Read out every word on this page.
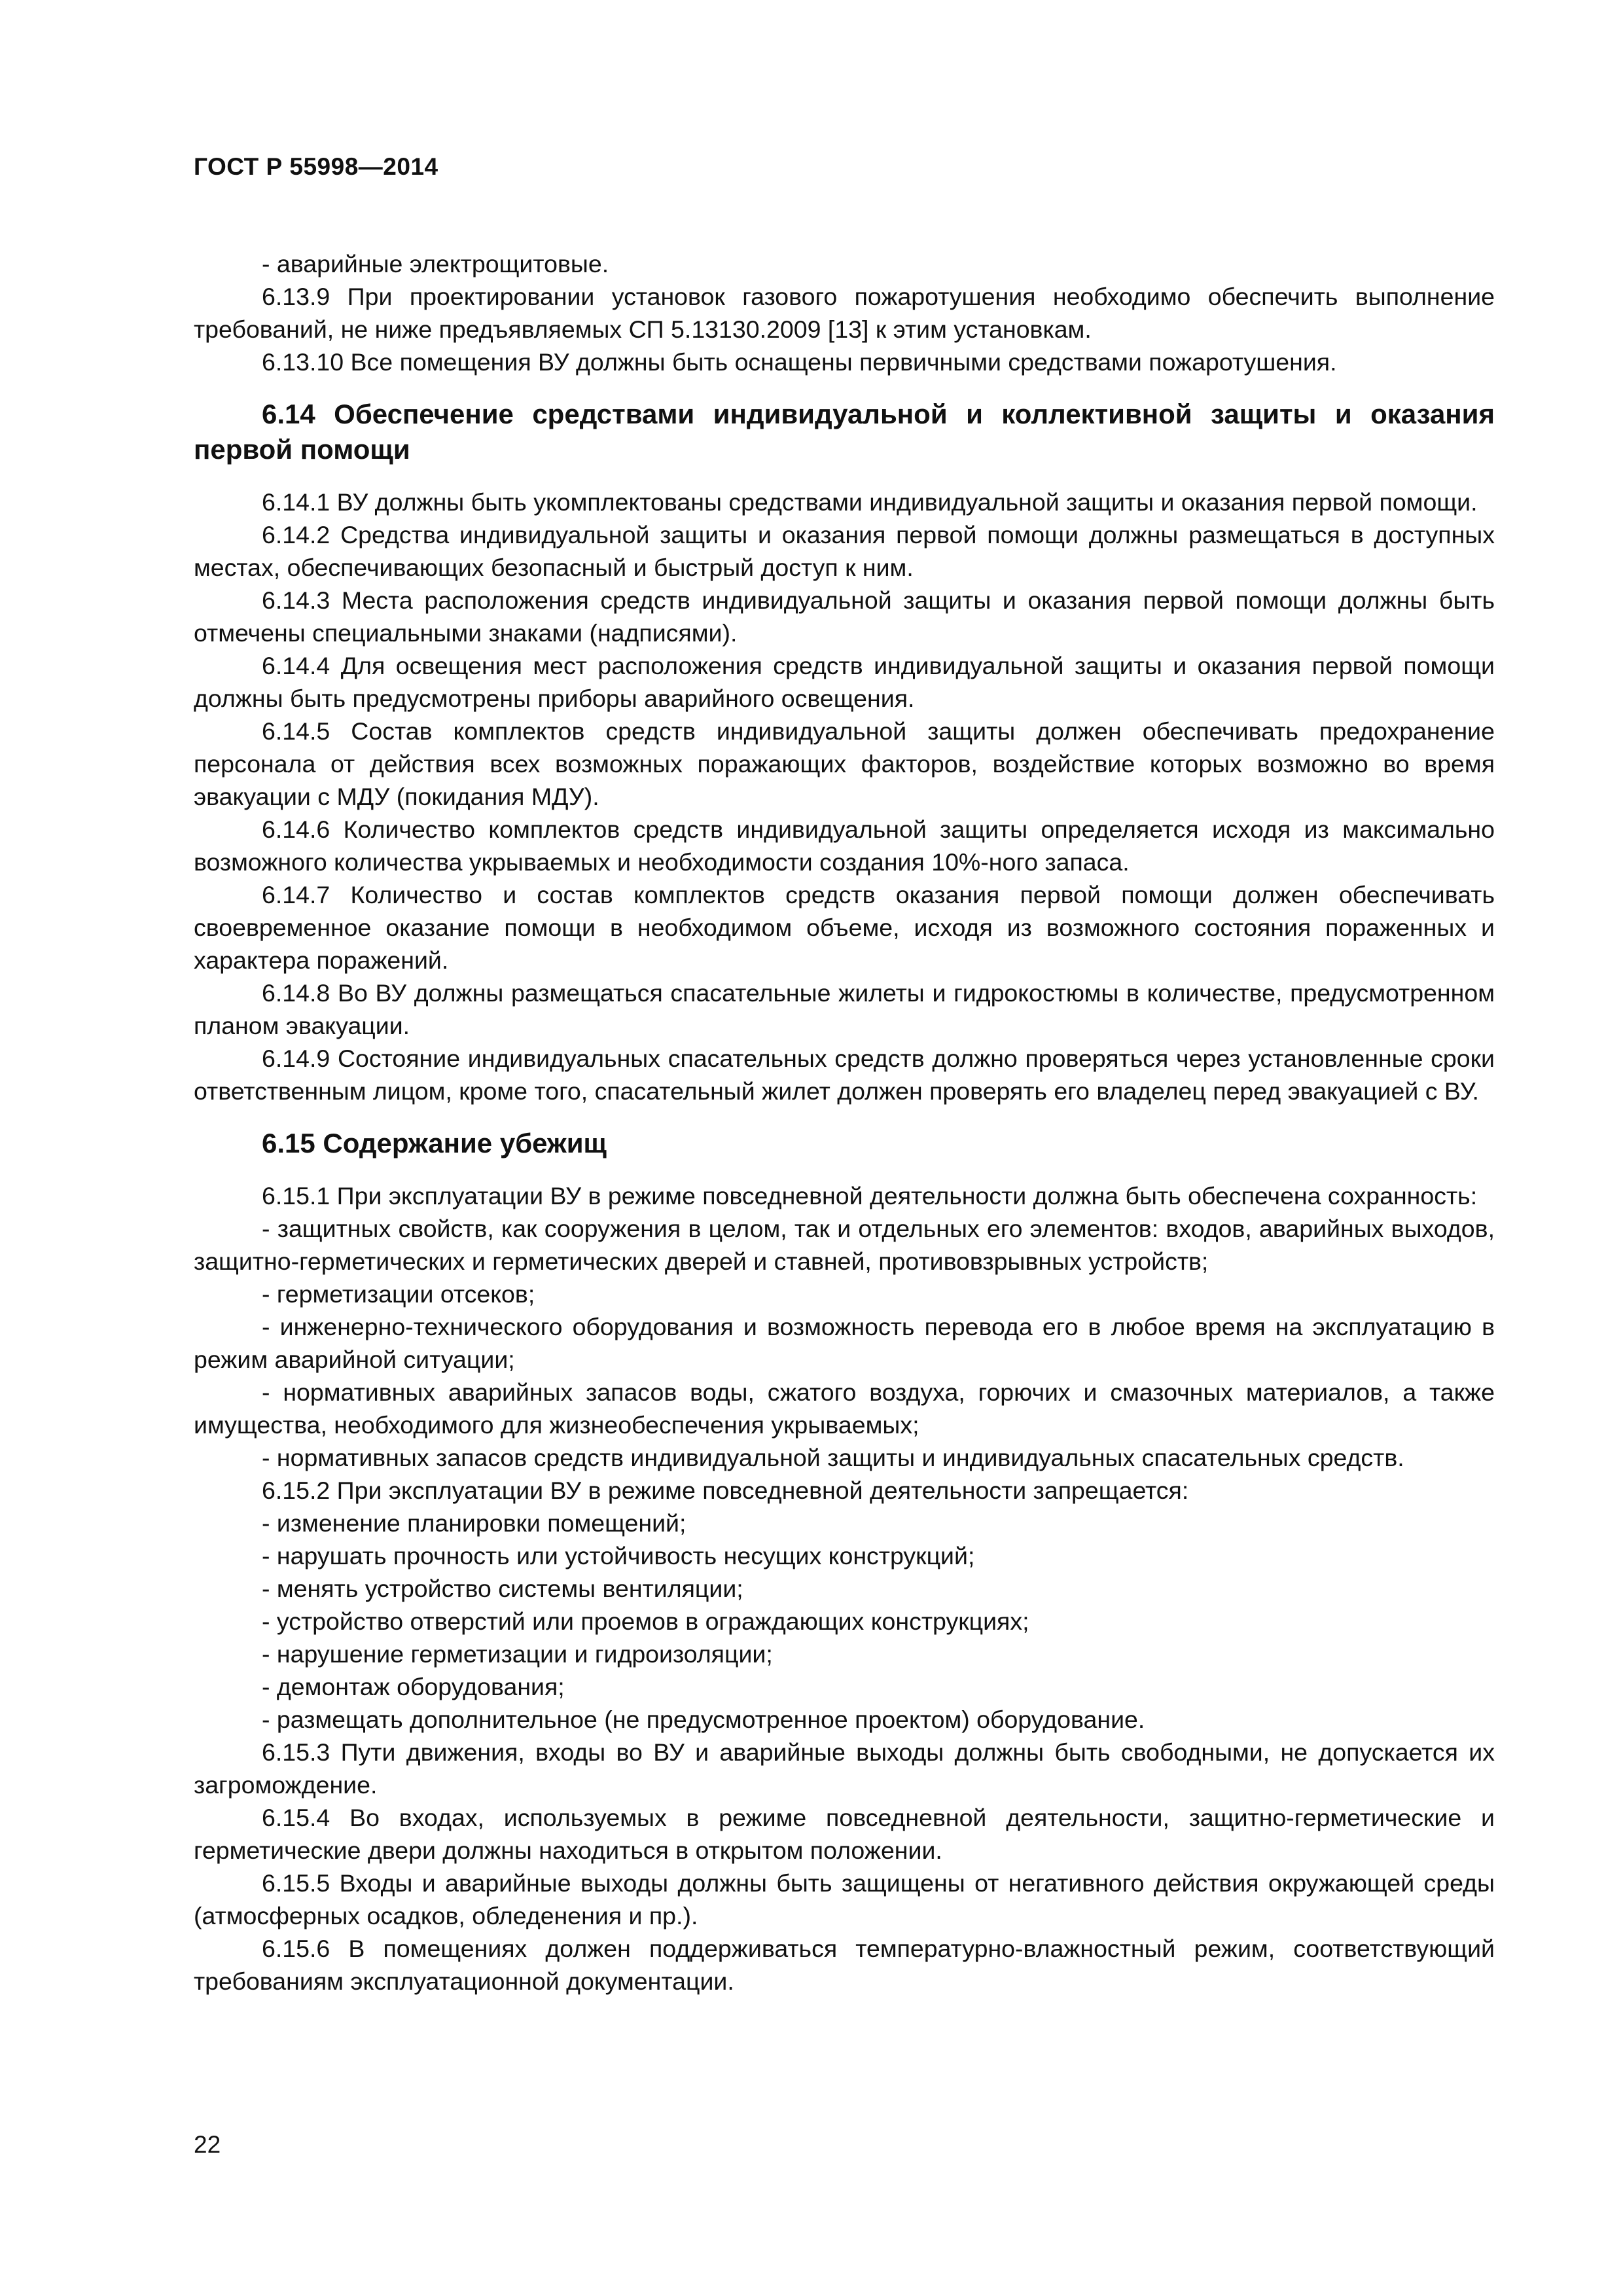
ГОСТ Р 55998—2014

- аварийные электрощитовые.

6.13.9 При проектировании установок газового пожаротушения необходимо обеспечить выполнение требований, не ниже предъявляемых СП 5.13130.2009 [13] к этим установкам.

6.13.10 Все помещения ВУ должны быть оснащены первичными средствами пожаротушения.

6.14 Обеспечение средствами индивидуальной и коллективной защиты и оказания первой помощи

6.14.1 ВУ должны быть укомплектованы средствами индивидуальной защиты и оказания первой помощи.

6.14.2 Средства индивидуальной защиты и оказания первой помощи должны размещаться в доступных местах, обеспечивающих безопасный и быстрый доступ к ним.

6.14.3 Места расположения средств индивидуальной защиты и оказания первой помощи должны быть отмечены специальными знаками (надписями).

6.14.4 Для освещения мест расположения средств индивидуальной защиты и оказания первой помощи должны быть предусмотрены приборы аварийного освещения.

6.14.5 Состав комплектов средств индивидуальной защиты должен обеспечивать предохранение персонала от действия всех возможных поражающих факторов, воздействие которых возможно во время эвакуации с МДУ (покидания МДУ).

6.14.6 Количество комплектов средств индивидуальной защиты определяется исходя из максимально возможного количества укрываемых и необходимости создания 10%-ного запаса.

6.14.7 Количество и состав комплектов средств оказания первой помощи должен обеспечивать своевременное оказание помощи в необходимом объеме, исходя из возможного состояния пораженных и характера поражений.

6.14.8 Во ВУ должны размещаться спасательные жилеты и гидрокостюмы в количестве, предусмотренном планом эвакуации.

6.14.9 Состояние индивидуальных спасательных средств должно проверяться через установленные сроки ответственным лицом, кроме того, спасательный жилет должен проверять его владелец перед эвакуацией с ВУ.

6.15 Содержание убежищ

6.15.1 При эксплуатации ВУ в режиме повседневной деятельности должна быть обеспечена сохранность:

- защитных свойств, как сооружения в целом, так и отдельных его элементов: входов, аварийных выходов, защитно-герметических и герметических дверей и ставней, противовзрывных устройств;

- герметизации отсеков;

- инженерно-технического оборудования и возможность перевода его в любое время на эксплуатацию в режим аварийной ситуации;

- нормативных аварийных запасов воды, сжатого воздуха, горючих и смазочных материалов, а также имущества, необходимого для жизнеобеспечения укрываемых;

- нормативных запасов средств индивидуальной защиты и индивидуальных спасательных средств.

6.15.2 При эксплуатации ВУ в режиме повседневной деятельности запрещается:

- изменение планировки помещений;

- нарушать прочность или устойчивость несущих конструкций;

- менять устройство системы вентиляции;

- устройство отверстий или проемов в ограждающих конструкциях;

- нарушение герметизации и гидроизоляции;

- демонтаж оборудования;

- размещать дополнительное (не предусмотренное проектом) оборудование.

6.15.3 Пути движения, входы во ВУ и аварийные выходы должны быть свободными, не допускается их загромождение.

6.15.4 Во входах, используемых в режиме повседневной деятельности, защитно-герметические и герметические двери должны находиться в открытом положении.

6.15.5 Входы и аварийные выходы должны быть защищены от негативного действия окружающей среды (атмосферных осадков, обледенения и пр.).

6.15.6 В помещениях должен поддерживаться температурно-влажностный режим, соответствующий требованиям эксплуатационной документации.

22
